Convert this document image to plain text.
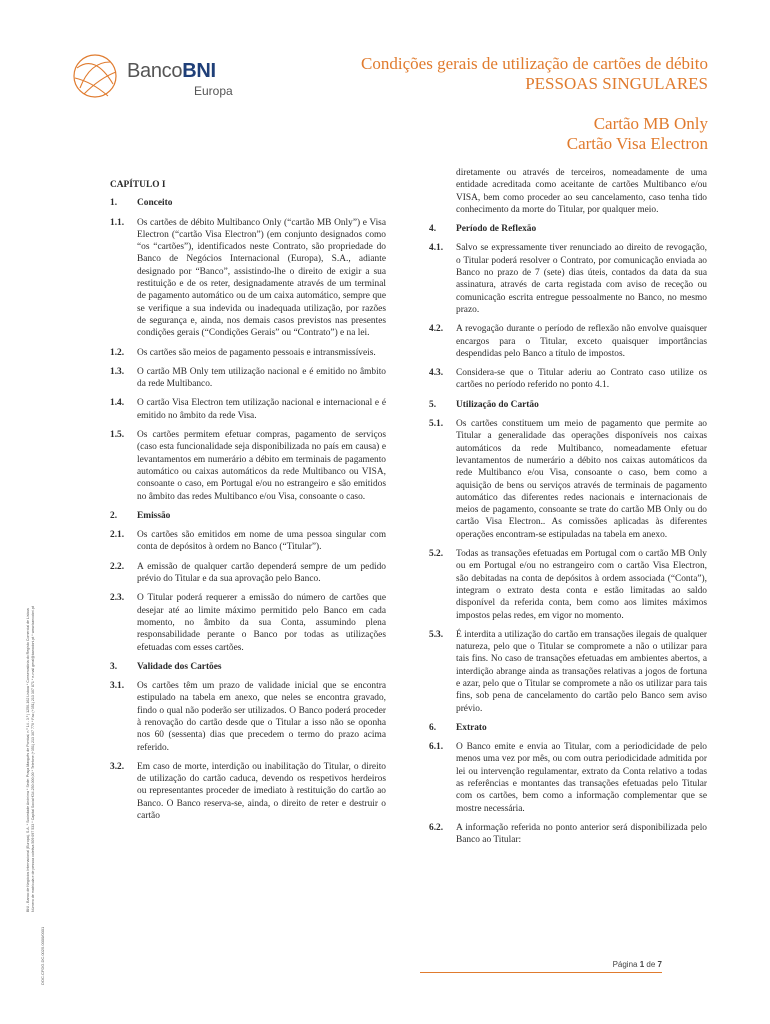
BancoBNI
Europa
Condições gerais de utilização de cartões de débito
PESSOAS SINGULARES
Cartão MB Only
Cartão Visa Electron
BNI - Banco de Negócios Internacional (Europa), S.A. * Sociedade Anónima * Sede: Praça Marquês de Pombal, n.º 14 - 3.º | 1250-162 Lisboa * Conservatória do Registo Comercial de Lisboa Número de matrícula e de pessoa coletiva 509 097 533 * Capital Social €34.250.000,00 * Telefone (+351) 213 307 770 * Fax (+351) 213 307 871 * e-mail geral@bancobni.pt * www.bancobni.pt
DOC.CFDG.DC.0025.0000/0001
CAPÍTULO I
1.	Conceito
1.1.	Os cartões de débito Multibanco Only (“cartão MB Only”) e Visa Electron (“cartão Visa Electron”) (em conjunto designados como “os “cartões”), identificados neste Contrato, são propriedade do Banco de Negócios Internacional (Europa), S.A., adiante designado por “Banco”, assistindo-lhe o direito de exigir a sua restituição e de os reter, designadamente através de um terminal de pagamento automático ou de um caixa automático, sempre que se verifique a sua indevida ou inadequada utilização, por razões de segurança e, ainda, nos demais casos previstos nas presentes condições gerais (“Condições Gerais” ou “Contrato”) e na lei.
1.2.	Os cartões são meios de pagamento pessoais e intransmissíveis.
1.3.	O cartão MB Only tem utilização nacional e é emitido no âmbito da rede Multibanco.
1.4.	O cartão Visa Electron tem utilização nacional e internacional e é emitido no âmbito da rede Visa.
1.5.	Os cartões permitem efetuar compras, pagamento de serviços (caso esta funcionalidade seja disponibilizada no país em causa) e levantamentos em numerário a débito em terminais de pagamento automático ou caixas automáticos da rede Multibanco ou VISA, consoante o caso, em Portugal e/ou no estrangeiro e são emitidos no âmbito das redes Multibanco e/ou Visa, consoante o caso.
2.	Emissão
2.1.	Os cartões são emitidos em nome de uma pessoa singular com conta de depósitos à ordem no Banco (“Titular”).
2.2.	A emissão de qualquer cartão dependerá sempre de um pedido prévio do Titular e da sua aprovação pelo Banco.
2.3.	O Titular poderá requerer a emissão do número de cartões que desejar até ao limite máximo permitido pelo Banco em cada momento, no âmbito da sua Conta, assumindo plena responsabilidade perante o Banco por todas as utilizações efetuadas com esses cartões.
3.	Validade dos Cartões
3.1.	Os cartões têm um prazo de validade inicial que se encontra estipulado na tabela em anexo, que neles se encontra gravado, findo o qual não poderão ser utilizados. O Banco poderá proceder à renovação do cartão desde que o Titular a isso não se oponha nos 60 (sessenta) dias que precedem o termo do prazo acima referido.
3.2.	Em caso de morte, interdição ou inabilitação do Titular, o direito de utilização do cartão caduca, devendo os respetivos herdeiros ou representantes proceder de imediato à restituição do cartão ao Banco. O Banco reserva-se, ainda, o direito de reter e destruir o cartão
diretamente ou através de terceiros, nomeadamente de uma entidade acreditada como aceitante de cartões Multibanco e/ou VISA, bem como proceder ao seu cancelamento, caso tenha tido conhecimento da morte do Titular, por qualquer meio.
4.	Período de Reflexão
4.1.	Salvo se expressamente tiver renunciado ao direito de revogação, o Titular poderá resolver o Contrato, por comunicação enviada ao Banco no prazo de 7 (sete) dias úteis, contados da data da sua assinatura, através de carta registada com aviso de receção ou comunicação escrita entregue pessoalmente no Banco, no mesmo prazo.
4.2.	A revogação durante o período de reflexão não envolve quaisquer encargos para o Titular, exceto quaisquer importâncias despendidas pelo Banco a título de impostos.
4.3.	Considera-se que o Titular aderiu ao Contrato caso utilize os cartões no período referido no ponto 4.1.
5.	Utilização do Cartão
5.1.	Os cartões constituem um meio de pagamento que permite ao Titular a generalidade das operações disponíveis nos caixas automáticos da rede Multibanco, nomeadamente efetuar levantamentos de numerário a débito nos caixas automáticos da rede Multibanco e/ou Visa, consoante o caso, bem como a aquisição de bens ou serviços através de terminais de pagamento automático das diferentes redes nacionais e internacionais de meios de pagamento, consoante se trate do cartão MB Only ou do cartão Visa Electron.. As comissões aplicadas às diferentes operações encontram-se estipuladas na tabela em anexo.
5.2.	Todas as transações efetuadas em Portugal com o cartão MB Only ou em Portugal e/ou no estrangeiro com o cartão Visa Electron, são debitadas na conta de depósitos à ordem associada (“Conta”), integram o extrato desta conta e estão limitadas ao saldo disponível da referida conta, bem como aos limites máximos impostos pelas redes, em vigor no momento.
5.3.	É interdita a utilização do cartão em transações ilegais de qualquer natureza, pelo que o Titular se compromete a não o utilizar para tais fins. No caso de transações efetuadas em ambientes abertos, a interdição abrange ainda as transações relativas a jogos de fortuna e azar, pelo que o Titular se compromete a não os utilizar para tais fins, sob pena de cancelamento do cartão pelo Banco sem aviso prévio.
6.	Extrato
6.1.	O Banco emite e envia ao Titular, com a periodicidade de pelo menos uma vez por mês, ou com outra periodicidade admitida por lei ou intervenção regulamentar, extrato da Conta relativo a todas as referências e montantes das transações efetuadas pelo Titular com os cartões, bem como a informação complementar que se mostre necessária.
6.2.	A informação referida no ponto anterior será disponibilizada pelo Banco ao Titular:
Página 1 de 7
